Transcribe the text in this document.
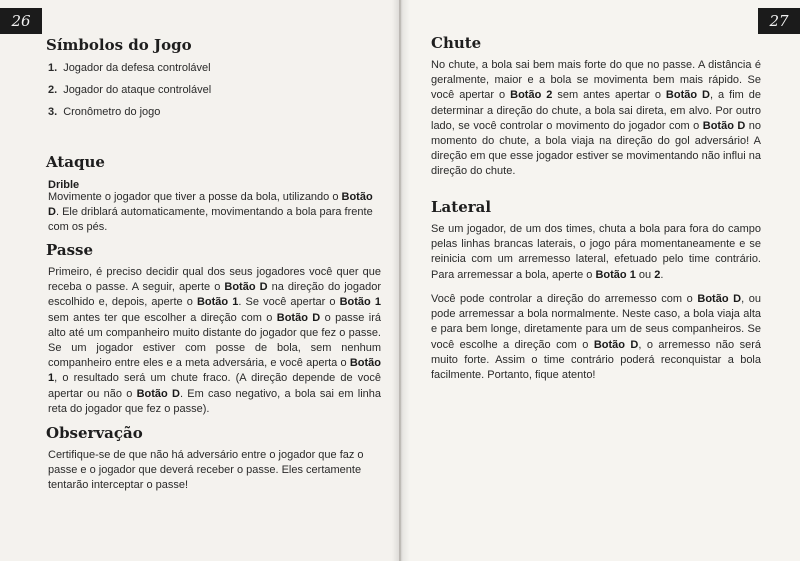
26
Símbolos do Jogo
1. Jogador da defesa controlável
2. Jogador do ataque controlável
3. Cronômetro do jogo
Ataque
Drible

Movimente o jogador que tiver a posse da bola, utilizando o Botão D. Ele driblará automaticamente, movimentando a bola para frente com os pés.

Passe

Primeiro, é preciso decidir qual dos seus jogadores você quer que receba o passe. A seguir, aperte o Botão D na direção do jogador escolhido e, depois, aperte o Botão 1. Se você apertar o Botão 1 sem antes ter que escolher a direção com o Botão D o passe irá alto até um companheiro muito distante do jogador que fez o passe. Se um jogador estiver com posse de bola, sem nenhum companheiro entre eles e a meta adversária, e você aperta o Botão 1, o resultado será um chute fraco. (A direção depende de você apertar ou não o Botão D. Em caso negativo, a bola sai em linha reta do jogador que fez o passe).

Observação

Certifique-se de que não há adversário entre o jogador que faz o passe e o jogador que deverá receber o passe. Eles certamente tentarão interceptar o passe!

27
Chute

No chute, a bola sai bem mais forte do que no passe. A distância é geralmente, maior e a bola se movimenta bem mais rápido. Se você apertar o Botão 2 sem antes apertar o Botão D, a fim de determinar a direção do chute, a bola sai direta, em alvo. Por outro lado, se você controlar o movimento do jogador com o Botão D no momento do chute, a bola viaja na direção do gol adversário! A direção em que esse jogador estiver se movimentando não influi na direção do chute.

Lateral

Se um jogador, de um dos times, chuta a bola para fora do campo pelas linhas brancas laterais, o jogo pára momentaneamente e se reinicia com um arremesso lateral, efetuado pelo time contrário. Para arremessar a bola, aperte o Botão 1 ou 2.

Você pode controlar a direção do arremesso com o Botão D, ou pode arremessar a bola normalmente. Neste caso, a bola viaja alta e para bem longe, diretamente para um de seus companheiros. Se você escolhe a direção com o Botão D, o arremesso não será muito forte. Assim o time contrário poderá reconquistar a bola facilmente. Portanto, fique atento!
